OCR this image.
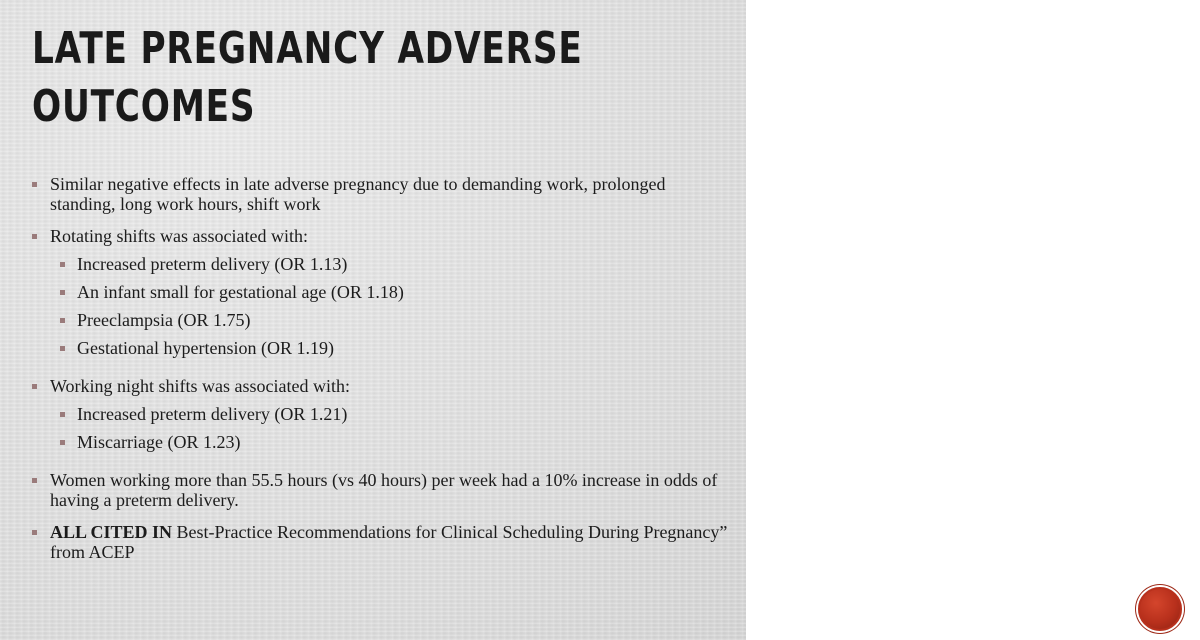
LATE PREGNANCY ADVERSE
OUTCOMES
Similar negative effects in late adverse pregnancy due to demanding work, prolonged standing, long work hours, shift work
Rotating shifts was associated with:
Increased preterm delivery (OR 1.13)
An infant small for gestational age (OR 1.18)
Preeclampsia (OR 1.75)
Gestational hypertension (OR 1.19)
Working night shifts was associated with:
Increased preterm delivery (OR 1.21)
Miscarriage (OR 1.23)
Women working more than 55.5 hours (vs 40 hours) per week had a 10% increase in odds of having a preterm delivery.
ALL CITED IN Best-Practice Recommendations for Clinical Scheduling During Pregnancy” from ACEP
